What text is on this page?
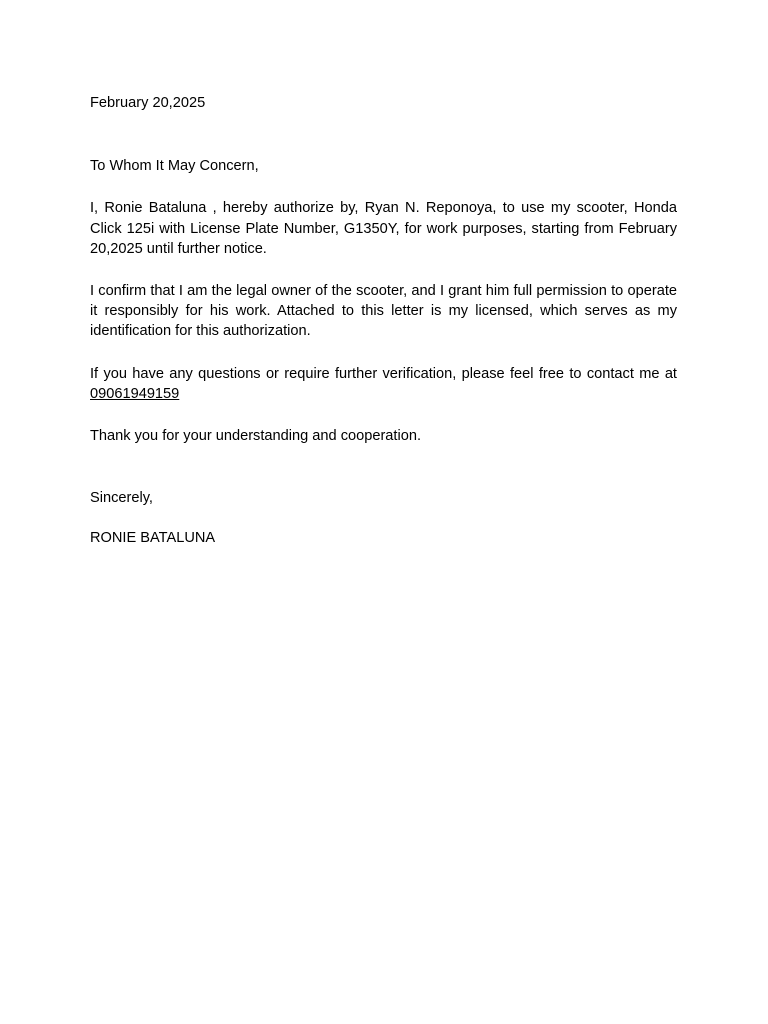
February 20,2025

To Whom It May Concern,

I, Ronie Bataluna , hereby authorize by, Ryan N. Reponoya, to use my scooter, Honda Click 125i with License Plate Number, G1350Y, for work purposes, starting from February 20,2025 until further notice.

I confirm that I am the legal owner of the scooter, and I grant him full permission to operate it responsibly for his work. Attached to this letter is my licensed, which serves as my identification for this authorization.

If you have any questions or require further verification, please feel free to contact me at 09061949159

Thank you for your understanding and cooperation.

Sincerely,

RONIE BATALUNA
